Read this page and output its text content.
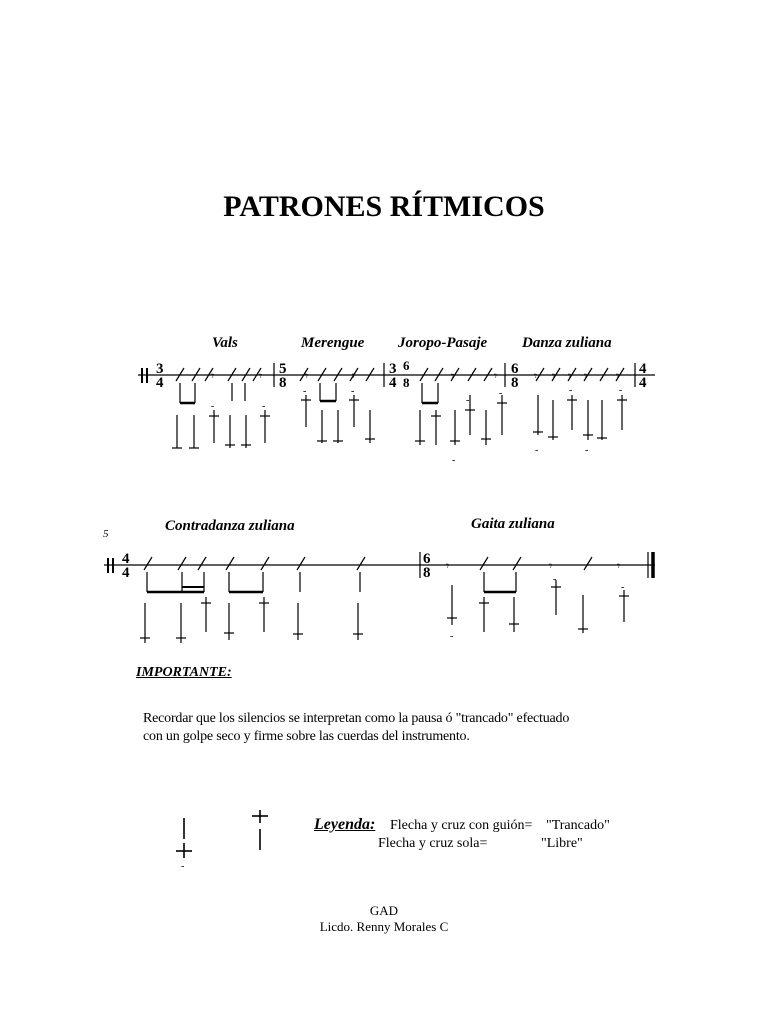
PATRONES RÍTMICOS
Vals	Merengue Joropo-Pasaje Danza zuliana
𝄾	𝄾	𝄾	𝄾	𝄾	𝄾	𝄾 𝄾 𝄾 𝄾 𝄾
-	-
-	-
-
-
-
-
-
-
-
3
4
5
8
3
4
6
8
4
4
6
8
5	Contradanza zuliana	Gaita zuliana
𝄾	𝄾	𝄾
-
-
-
4
4
6
8
IMPORTANTE:
Recordar que los silencios se interpretan como la pausa ó "trancado" efectuado
con un golpe seco y firme sobre las cuerdas del instrumento.
-
Leyenda: Flecha y cruz con guión= "Trancado"
Flecha y cruz sola=	"Libre"
GAD
Licdo. Renny Morales C
